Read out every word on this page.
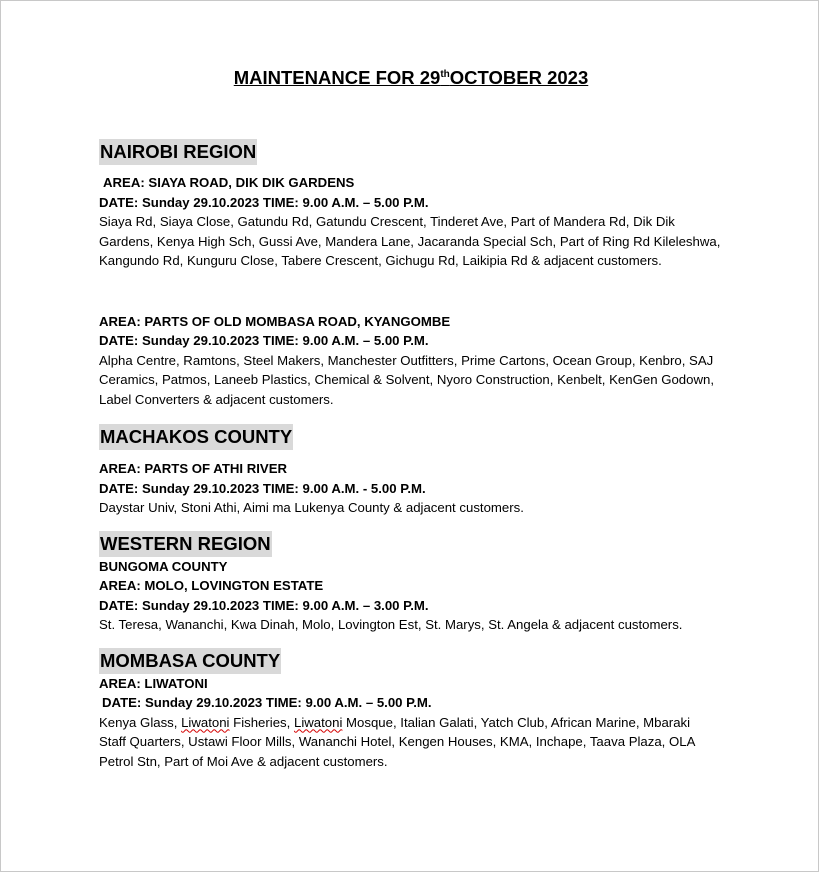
MAINTENANCE FOR 29thOCTOBER 2023
NAIROBI REGION
AREA: SIAYA ROAD, DIK DIK GARDENS
DATE: Sunday 29.10.2023 TIME: 9.00 A.M. – 5.00 P.M.
Siaya Rd, Siaya Close, Gatundu Rd, Gatundu Crescent, Tinderet Ave, Part of Mandera Rd, Dik Dik
Gardens, Kenya High Sch, Gussi Ave, Mandera Lane, Jacaranda Special Sch, Part of Ring Rd Kileleshwa,
Kangundo Rd, Kunguru Close, Tabere Crescent, Gichugu Rd, Laikipia Rd & adjacent customers.
AREA: PARTS OF OLD MOMBASA ROAD, KYANGOMBE
DATE: Sunday 29.10.2023 TIME: 9.00 A.M. – 5.00 P.M.
Alpha Centre, Ramtons, Steel Makers, Manchester Outfitters, Prime Cartons, Ocean Group, Kenbro, SAJ
Ceramics, Patmos, Laneeb Plastics, Chemical & Solvent, Nyoro Construction, Kenbelt, KenGen Godown,
Label Converters & adjacent customers.
MACHAKOS COUNTY
AREA: PARTS OF ATHI RIVER
DATE: Sunday 29.10.2023 TIME: 9.00 A.M. - 5.00 P.M.
Daystar Univ, Stoni Athi, Aimi ma Lukenya County & adjacent customers.
WESTERN REGION
BUNGOMA COUNTY
AREA: MOLO, LOVINGTON ESTATE
DATE: Sunday 29.10.2023 TIME: 9.00 A.M. – 3.00 P.M.
St. Teresa, Wananchi, Kwa Dinah, Molo, Lovington Est, St. Marys, St. Angela & adjacent customers.
MOMBASA COUNTY
AREA: LIWATONI
DATE: Sunday 29.10.2023 TIME: 9.00 A.M. – 5.00 P.M.
Kenya Glass, Liwatoni Fisheries, Liwatoni Mosque, Italian Galati, Yatch Club, African Marine, Mbaraki
Staff Quarters, Ustawi Floor Mills, Wananchi Hotel, Kengen Houses, KMA, Inchape, Taava Plaza, OLA
Petrol Stn, Part of Moi Ave & adjacent customers.
